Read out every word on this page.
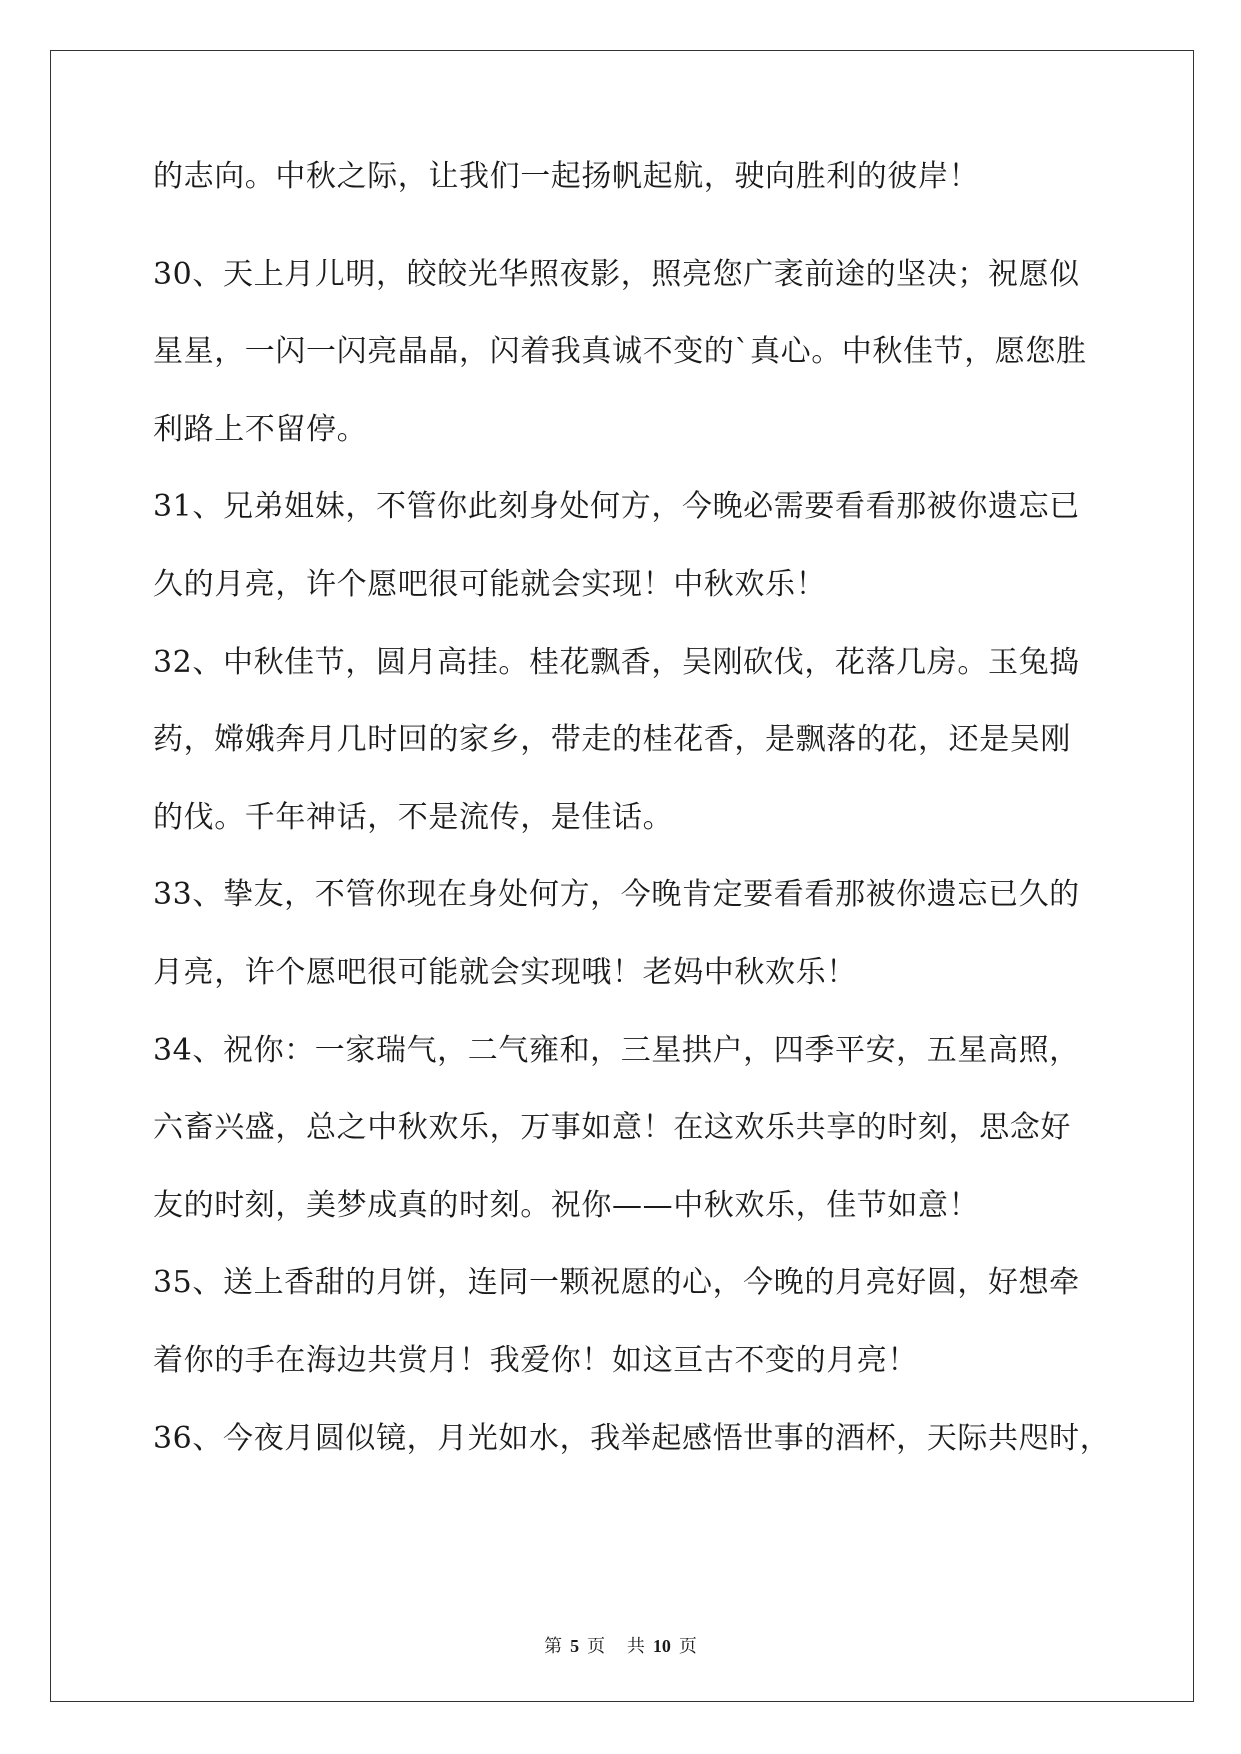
的志向。中秋之际，让我们一起扬帆起航，驶向胜利的彼岸！
30、天上月儿明，皎皎光华照夜影，照亮您广袤前途的坚决；祝愿似
星星，一闪一闪亮晶晶，闪着我真诚不变的`真心。中秋佳节，愿您胜
利路上不留停。
31、兄弟姐妹，不管你此刻身处何方，今晚必需要看看那被你遗忘已
久的月亮，许个愿吧很可能就会实现！中秋欢乐！
32、中秋佳节，圆月高挂。桂花飘香，吴刚砍伐，花落几房。玉兔捣
药，嫦娥奔月几时回的家乡，带走的桂花香，是飘落的花，还是吴刚
的伐。千年神话，不是流传，是佳话。
33、挚友，不管你现在身处何方，今晚肯定要看看那被你遗忘已久的
月亮，许个愿吧很可能就会实现哦！老妈中秋欢乐！
34、祝你：一家瑞气，二气雍和，三星拱户，四季平安，五星高照，
六畜兴盛，总之中秋欢乐，万事如意！在这欢乐共享的时刻，思念好
友的时刻，美梦成真的时刻。祝你——中秋欢乐，佳节如意！
35、送上香甜的月饼，连同一颗祝愿的心，今晚的月亮好圆，好想牵
着你的手在海边共赏月！我爱你！如这亘古不变的月亮！
36、今夜月圆似镜，月光如水，我举起感悟世事的酒杯，天际共咫时，
第 5 页 共 10 页
